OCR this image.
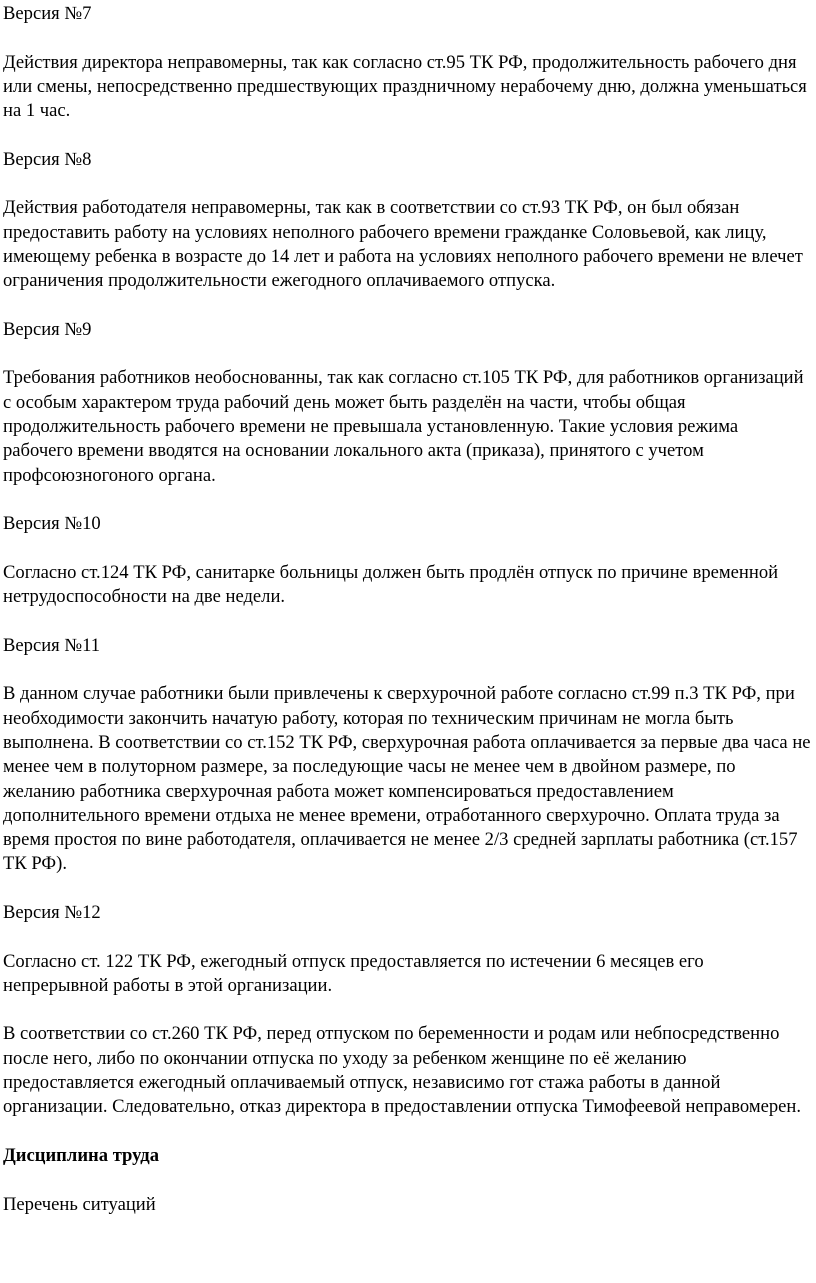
Версия №7

Действия директора неправомерны, так как согласно ст.95 ТК РФ, продолжительность рабочего дня или смены, непосредственно предшествующих праздничному нерабочему дню, должна уменьшаться на 1 час.

Версия №8

Действия работодателя неправомерны, так как в соответствии со ст.93 ТК РФ, он был обязан предоставить работу на условиях неполного рабочего времени гражданке Соловьевой, как лицу, имеющему ребенка в возрасте до 14 лет и работа на условиях неполного рабочего времени не влечет ограничения продолжительности ежегодного оплачиваемого отпуска.

Версия №9

Требования работников необоснованны, так как согласно ст.105 ТК РФ, для работников организаций с особым характером труда рабочий день может быть разделён на части, чтобы общая продолжительность рабочего времени не превышала установленную. Такие условия режима рабочего времени вводятся на основании локального акта (приказа), принятого с учетом профсоюзногоного органа.

Версия №10

Согласно ст.124 ТК РФ, санитарке больницы должен быть продлён отпуск по причине временной нетрудоспособности на две недели.

Версия №11

В данном случае работники были привлечены к сверхурочной работе согласно ст.99 п.3 ТК РФ, при необходимости закончить начатую работу, которая по техническим причинам не могла быть выполнена. В соответствии со ст.152 ТК РФ, сверхурочная работа оплачивается за первые два часа не менее чем в полуторном размере, за последующие часы не менее чем в двойном размере, по желанию работника сверхурочная работа может компенсироваться предоставлением дополнительного времени отдыха не менее времени, отработанного сверхурочно. Оплата труда за время простоя по вине работодателя, оплачивается не менее 2/3 средней зарплаты работника (ст.157 ТК РФ).

Версия №12

Согласно ст. 122 ТК РФ, ежегодный отпуск предоставляется по истечении 6 месяцев его непрерывной работы в этой организации.

В соответствии со ст.260 ТК РФ, перед отпуском по беременности и родам или небпосредственно после него, либо по окончании отпуска по уходу за ребенком женщине по её желанию предоставляется ежегодный оплачиваемый отпуск, независимо гот стажа работы в данной организации. Следовательно, отказ директора в предоставлении отпуска Тимофеевой неправомерен.

Дисциплина труда

Перечень ситуаций
